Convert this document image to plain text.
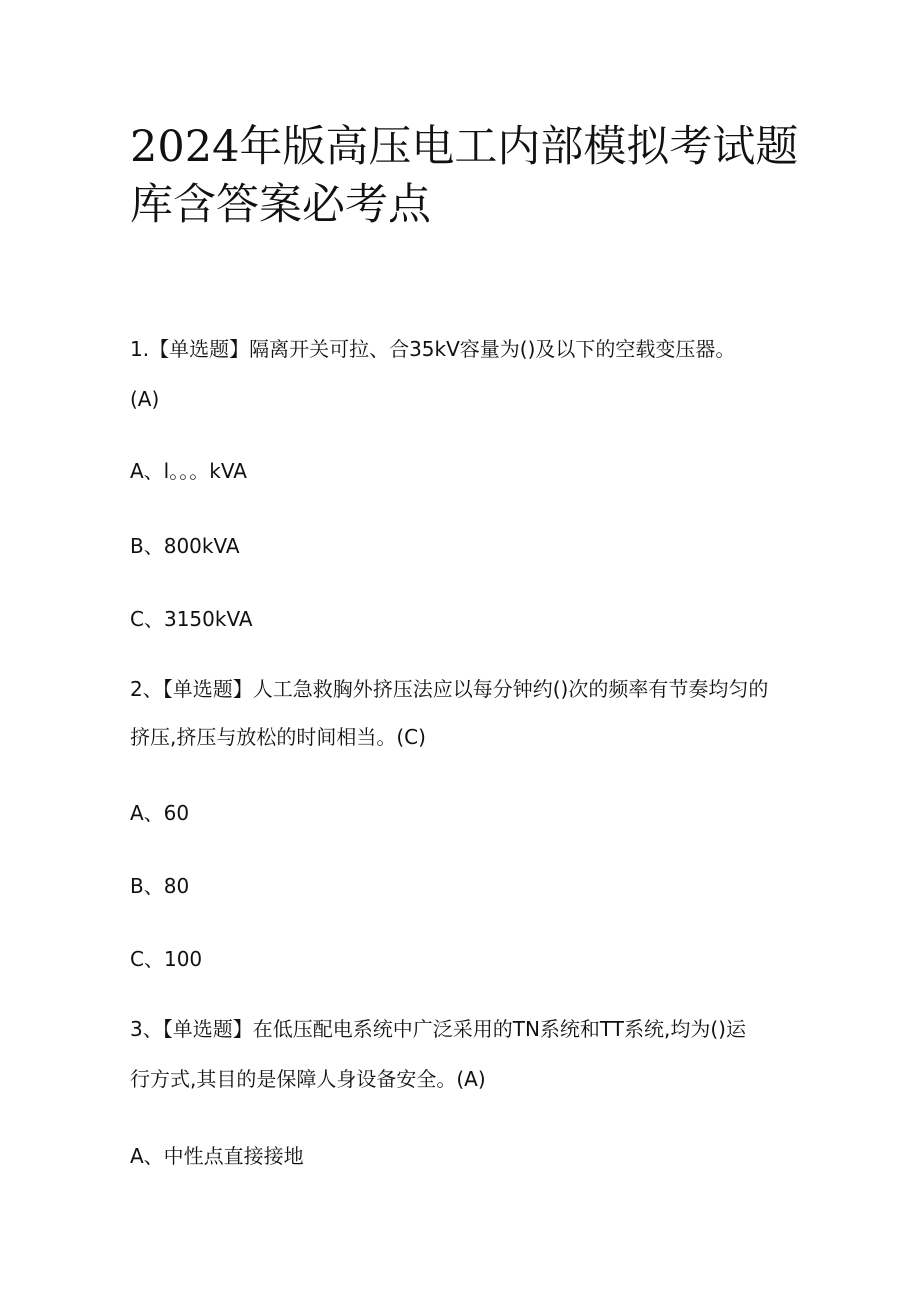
2024年版高压电工内部模拟考试题
库含答案必考点
1.【单选题】隔离开关可拉、合35kV容量为()及以下的空载变压器。
(A)
A、l。。。kVA
B、800kVA
C、3150kVA
2、【单选题】人工急救胸外挤压法应以每分钟约()次的频率有节奏均匀的
挤压,挤压与放松的时间相当。(C)
A、60
B、80
C、100
3、【单选题】在低压配电系统中广泛采用的TN系统和TT系统,均为()运
行方式,其目的是保障人身设备安全。(A)
A、中性点直接接地
